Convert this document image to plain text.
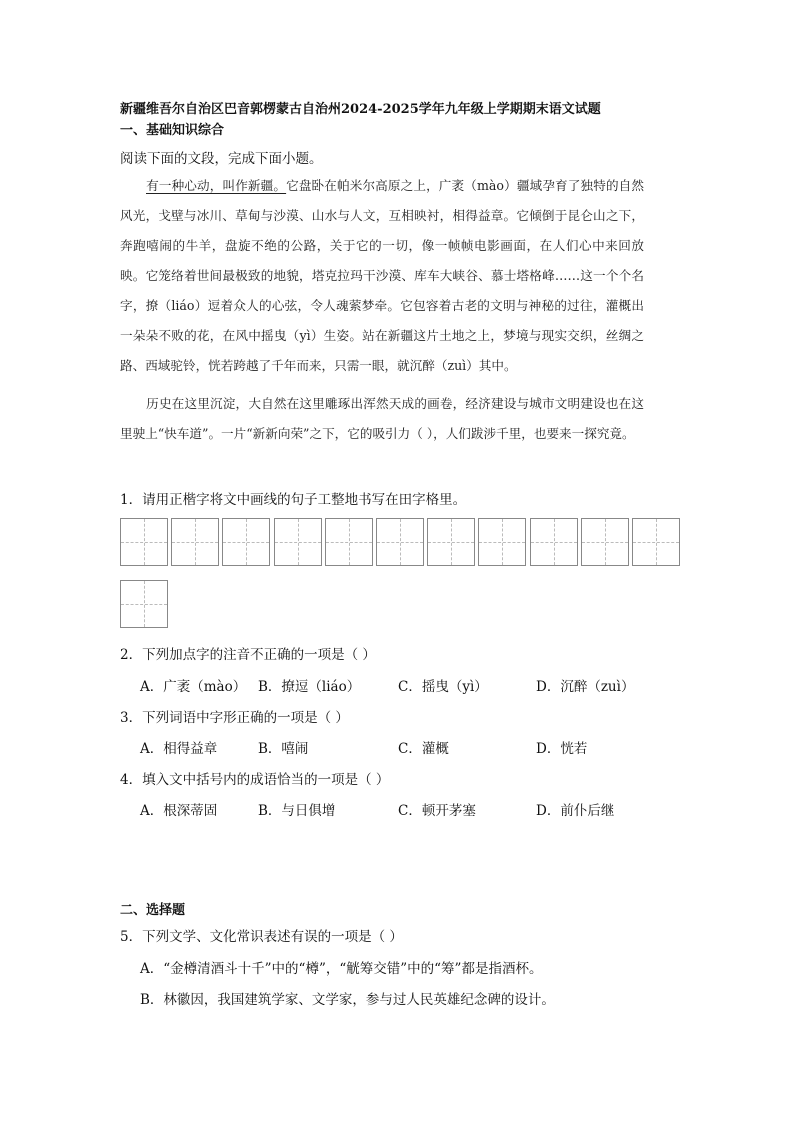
新疆维吾尔自治区巴音郭楞蒙古自治州2024-2025学年九年级上学期期末语文试题
一、基础知识综合
阅读下面的文段，完成下面小题。
有一种心动，叫作新疆。它盘卧在帕米尔高原之上，广袤（mào）疆域孕育了独特的自然风光，戈壁与冰川、草甸与沙漠、山水与人文，互相映衬，相得益章。它倾倒于昆仑山之下，奔跑嘻闹的牛羊，盘旋不绝的公路，关于它的一切，像一帧帧电影画面，在人们心中来回放映。它笼络着世间最极致的地貌，塔克拉玛干沙漠、库车大峡谷、慕士塔格峰……这一个个名字，撩（liáo）逗着众人的心弦，令人魂萦梦牵。它包容着古老的文明与神秘的过往，灌概出一朵朵不败的花，在风中摇曳（yì）生姿。站在新疆这片土地之上，梦境与现实交织，丝绸之路、西域驼铃，恍若跨越了千年而来，只需一眼，就沉醉（zuì）其中。
历史在这里沉淀，大自然在这里雕琢出浑然天成的画卷，经济建设与城市文明建设也在这里驶上“快车道”。一片“新新向荣”之下，它的吸引力（ ），人们跋涉千里，也要来一探究竟。
1．请用正楷字将文中画线的句子工整地书写在田字格里。
2．下列加点字的注音不正确的一项是（ ）
A．广袤（mào） B．撩逗（liáo）	C．摇曳（yì）	D．沉醉（zuì）
3．下列词语中字形正确的一项是（ ）
A．相得益章	B．嘻闹	C．灌概	D．恍若
4．填入文中括号内的成语恰当的一项是（ ）
A．根深蒂固	B．与日俱增	C．顿开茅塞	D．前仆后继
二、选择题
5．下列文学、文化常识表述有误的一项是（ ）
A．“金樽清酒斗十千”中的“樽”，“觥筹交错”中的“筹”都是指酒杯。
B．林徽因，我国建筑学家、文学家，参与过人民英雄纪念碑的设计。
